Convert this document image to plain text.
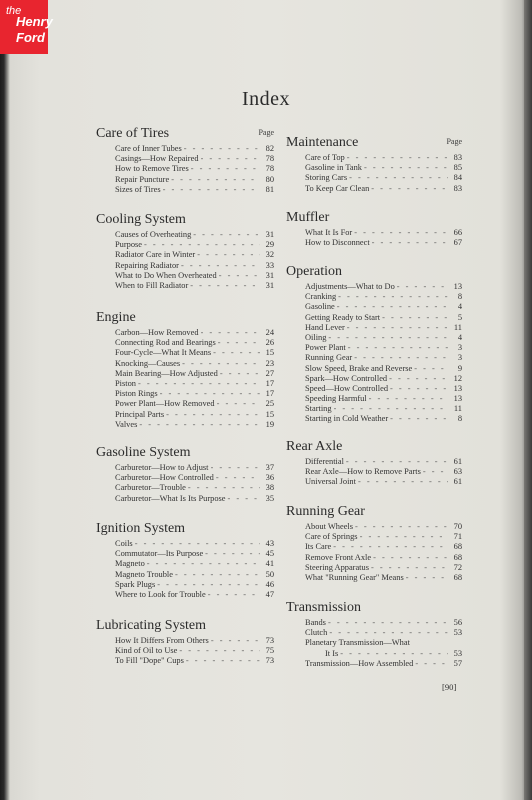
the
Henry
Ford
Index
Care of Tires	Page
Care of Inner Tubes - - -	82
Casings—How Repaired - - -	78
How to Remove Tires - - -	78
Repair Puncture - - -	80
Sizes of Tires - - -	81
Cooling System
Causes of Overheating - - -	31
Purpose - - -	29
Radiator Care in Winter - - -	32
Repairing Radiator - - -	33
What to Do When Overheated - - -	31
When to Fill Radiator - - -	31
Engine
Carbon—How Removed - - -	24
Connecting Rod and Bearings - - -	26
Four-Cycle—What It Means - - -	15
Knocking—Causes - - -	23
Main Bearing—How Adjusted - - -	27
Piston - - -	17
Piston Rings - - -	17
Power Plant—How Removed - - -	25
Principal Parts - - -	15
Valves - - -	19
Gasoline System
Carburetor—How to Adjust - - -	37
Carburetor—How Controlled - - -	36
Carburetor—Trouble - - -	38
Carburetor—What Is Its Purpose - - -	35
Ignition System
Coils - - -	43
Commutator—Its Purpose - - -	45
Magneto - - -	41
Magneto Trouble - - -	50
Spark Plugs - - -	46
Where to Look for Trouble - - -	47
Lubricating System
How It Differs From Others - - -	73
Kind of Oil to Use - - -	75
To Fill "Dope" Cups - - -	73
Maintenance	Page
Care of Top - - -	83
Gasoline in Tank - - -	85
Storing Cars - - -	84
To Keep Car Clean - - -	83
Muffler
What It Is For - - -	66
How to Disconnect - - -	67
Operation
Adjustments—What to Do - - -	13
Cranking - - -	8
Gasoline - - -	4
Getting Ready to Start - - -	5
Hand Lever - - -	11
Oiling - - -	4
Power Plant - - -	3
Running Gear - - -	3
Slow Speed, Brake and Reverse - - -	9
Spark—How Controlled - - -	12
Speed—How Controlled - - -	13
Speeding Harmful - - -	13
Starting - - -	11
Starting in Cold Weather - - -	8
Rear Axle
Differential - - -	61
Rear Axle—How to Remove Parts - - -	63
Universal Joint - - -	61
Running Gear
About Wheels - - -	70
Care of Springs - - -	71
Its Care - - -	68
Remove Front Axle - - -	68
Steering Apparatus - - -	72
What "Running Gear" Means - - -	68
Transmission
Bands - - -	56
Clutch - - -	53
Planetary Transmission—What
It Is - - -	53
Transmission—How Assembled - - -	57
[90]
